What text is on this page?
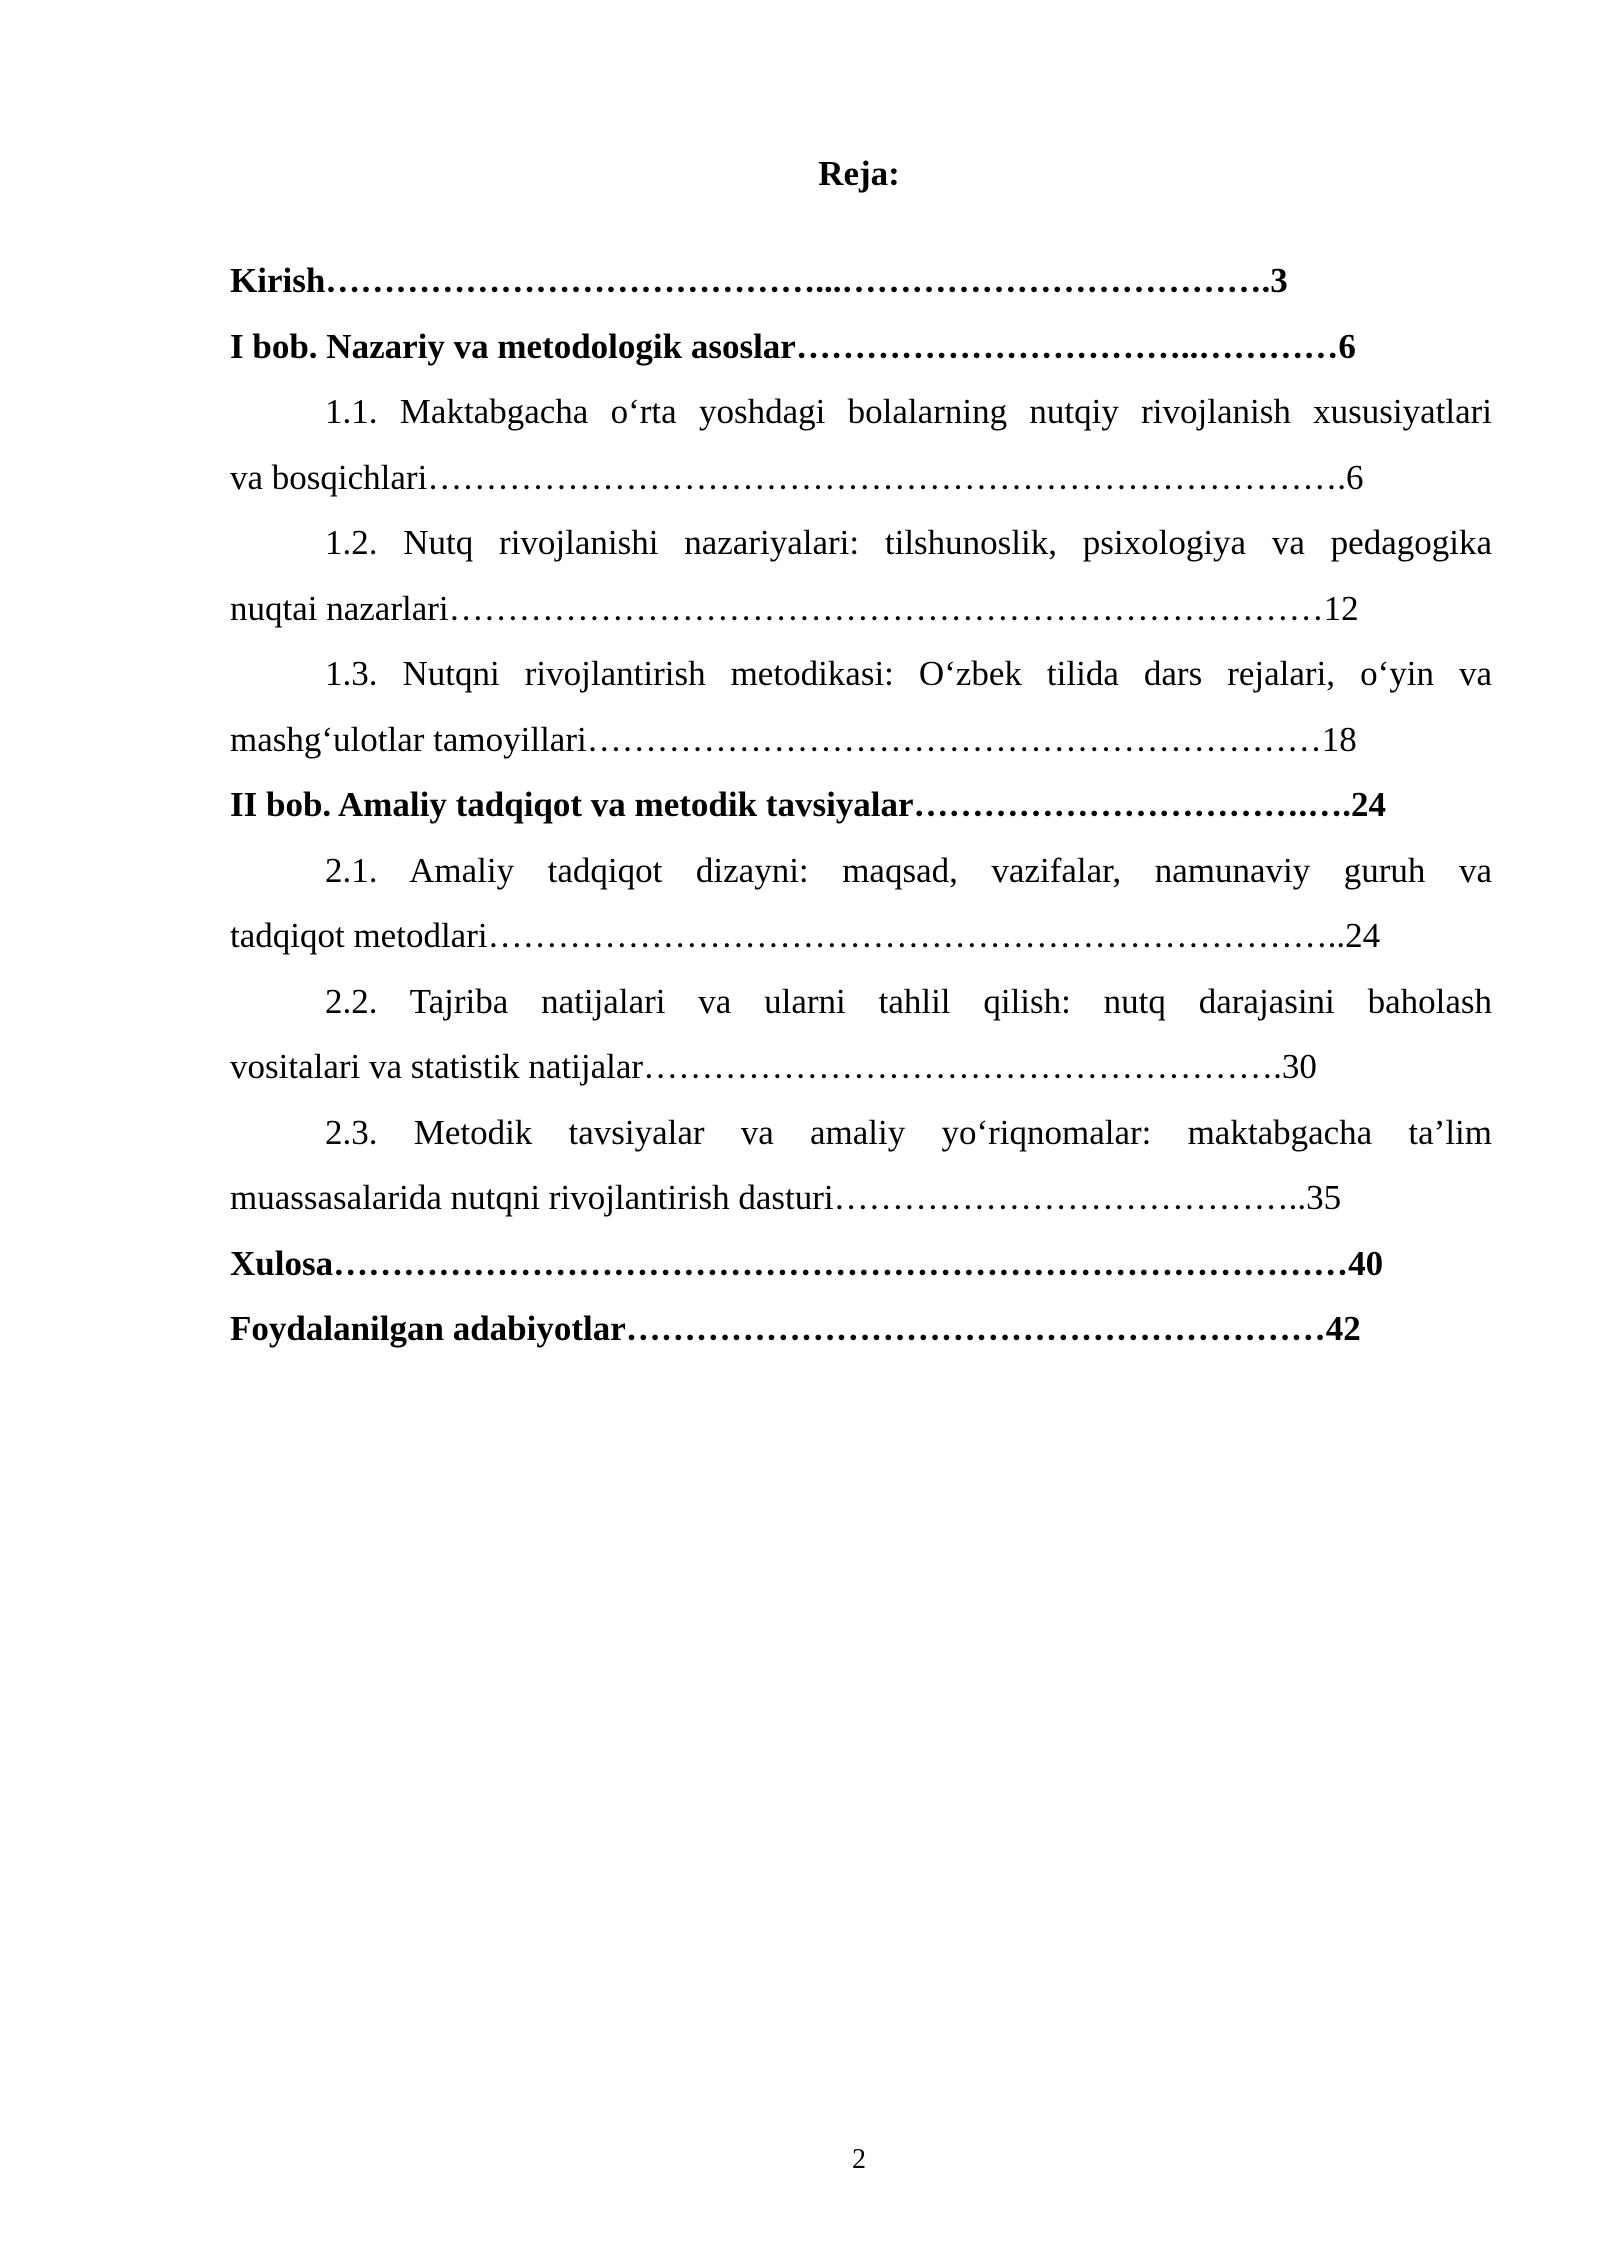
Reja:
Kirish……………………………………...……………………………….3
I bob. Nazariy va metodologik asoslar……………………………..…………6
1.1. Maktabgacha o‘rta yoshdagi bolalarning nutqiy rivojlanish xususiyatlari
va bosqichlari…………………………………………………………………….6
1.2. Nutq rivojlanishi nazariyalari: tilshunoslik, psixologiya va pedagogika
nuqtai nazarlari…………………………………………………………………12
1.3. Nutqni rivojlantirish metodikasi: O‘zbek tilida dars rejalari, o‘yin va
mashg‘ulotlar tamoyillari………………………………………………………18
II bob. Amaliy tadqiqot va metodik tavsiyalar…………………………….….24
2.1. Amaliy tadqiqot dizayni: maqsad, vazifalar, namunaviy guruh va
tadqiqot metodlari………………………………………………………………..24
2.2. Tajriba natijalari va ularni tahlil qilish: nutq darajasini baholash
vositalari va statistik natijalar……………………………………………….30
2.3. Metodik tavsiyalar va amaliy yo‘riqnomalar: maktabgacha ta’lim
muassasalarida nutqni rivojlantirish dasturi…………………………………..35
Xulosa……………………………………………………………………………40
Foydalanilgan adabiyotlar……………………………………………………42
2
